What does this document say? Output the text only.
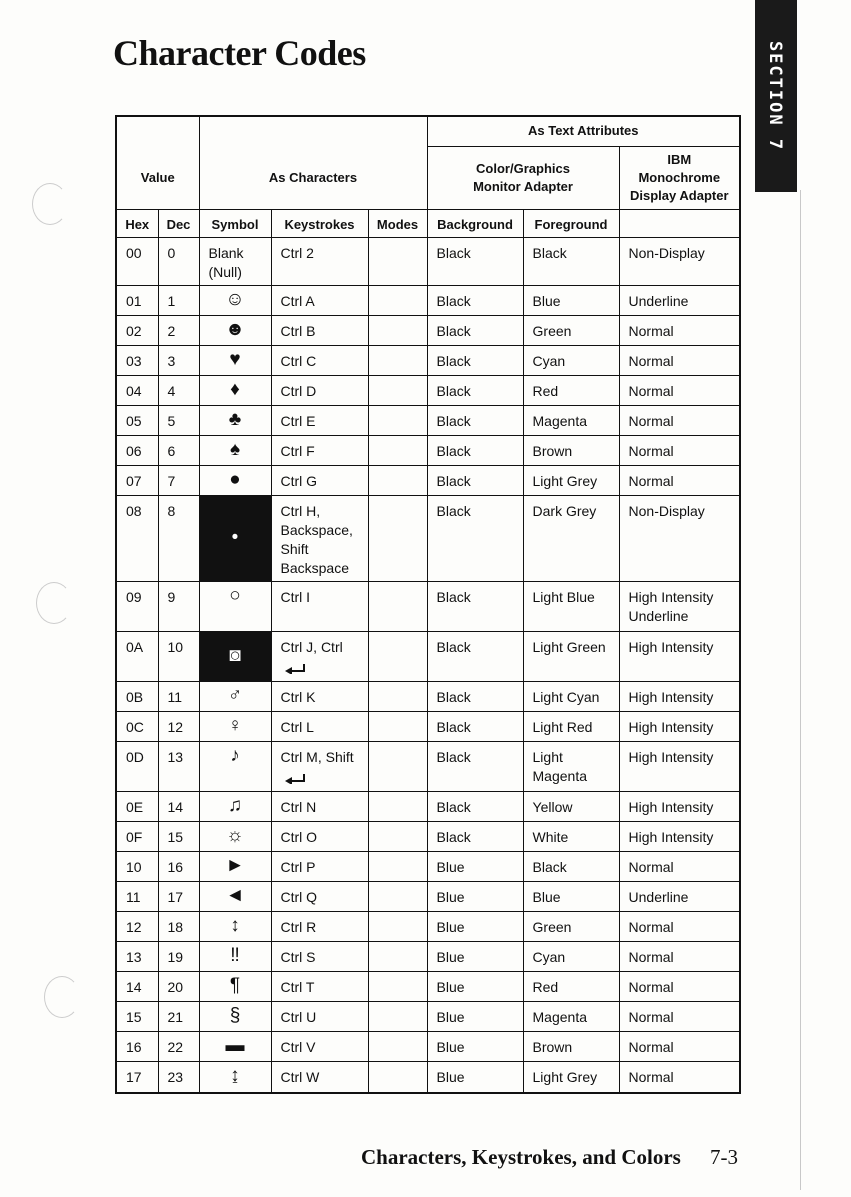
Character Codes	SECTION 7
Value		As Characters			As Text Attributes		
					Color/Graphics Monitor Adapter		IBM Monochrome Display Adapter

Hex	Dec	Symbol	Keystrokes	Modes	Background	Foreground	
00	0	Blank (Null)	Ctrl 2		Black	Black	Non-Display
01	1	☺	Ctrl A		Black	Blue	Underline
02	2	☻	Ctrl B		Black	Green	Normal
03	3	♥	Ctrl C		Black	Cyan	Normal
04	4	♦	Ctrl D		Black	Red	Normal
05	5	♣	Ctrl E		Black	Magenta	Normal
06	6	♠	Ctrl F		Black	Brown	Normal
07	7	●	Ctrl G		Black	Light Grey	Normal
08	8	•	Ctrl H, Backspace, Shift Backspace		Black	Dark Grey	Non-Display
09	9	○	Ctrl I		Black	Light Blue	High Intensity Underline
0A	10	◙	Ctrl J, Ctrl		Black	Light Green	High Intensity
0B	11	♂	Ctrl K		Black	Light Cyan	High Intensity
0C	12	♀	Ctrl L		Black	Light Red	High Intensity
0D	13	♪	Ctrl M, Shift		Black	Light Magenta	High Intensity
0E	14	♫	Ctrl N		Black	Yellow	High Intensity
0F	15	☼	Ctrl O		Black	White	High Intensity
10	16	►	Ctrl P		Blue	Black	Normal
11	17	◄	Ctrl Q		Blue	Blue	Underline
12	18	↕	Ctrl R		Blue	Green	Normal
13	19	‼	Ctrl S		Blue	Cyan	Normal
14	20	¶	Ctrl T		Blue	Red	Normal
15	21	§	Ctrl U		Blue	Magenta	Normal
16	22	▬	Ctrl V		Blue	Brown	Normal
17	23	↨	Ctrl W		Blue	Light Grey	Normal
Characters, Keystrokes, and Colors 7-3
